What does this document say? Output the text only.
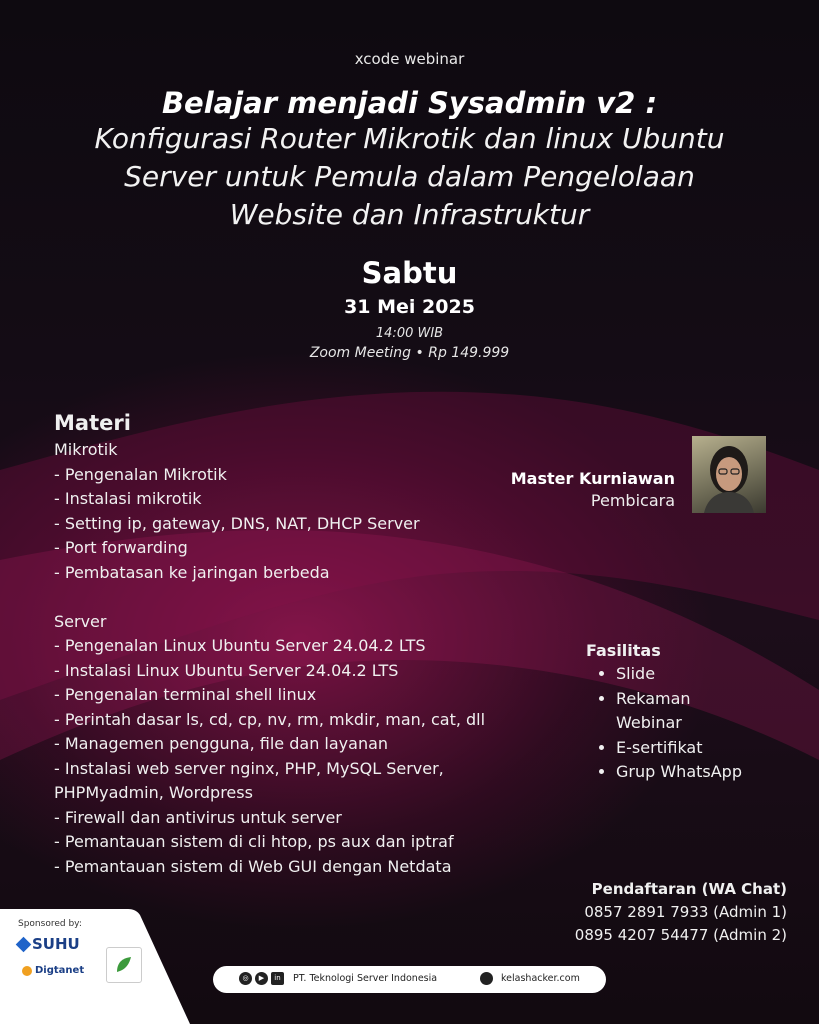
xcode webinar
Belajar menjadi Sysadmin v2 :
Konfigurasi Router Mikrotik dan linux Ubuntu
Server untuk Pemula dalam Pengelolaan
Website dan Infrastruktur
Sabtu
31 Mei 2025
14:00 WIB
Zoom Meeting • Rp 149.999
Materi
Mikrotik
- Pengenalan Mikrotik
- Instalasi mikrotik
- Setting ip, gateway, DNS, NAT, DHCP Server
- Port forwarding
- Pembatasan ke jaringan berbeda
Server
- Pengenalan Linux Ubuntu Server 24.04.2 LTS
- Instalasi Linux Ubuntu Server 24.04.2 LTS
- Pengenalan terminal shell linux
- Perintah dasar ls, cd, cp, nv, rm, mkdir, man, cat, dll
- Managemen pengguna, file dan layanan
- Instalasi web server nginx, PHP, MySQL Server,
PHPMyadmin, Wordpress
- Firewall dan antivirus untuk server
- Pemantauan sistem di cli htop, ps aux dan iptraf
- Pemantauan sistem di Web GUI dengan Netdata
Master Kurniawan
Pembicara
Fasilitas
• Slide
• Rekaman Webinar
• E-sertifikat
• Grup WhatsApp
Pendaftaran (WA Chat)
0857 2891 7933 (Admin 1)
0895 4207 54477 (Admin 2)
Sponsored by:
SUHU
Digtanet
◎	▶	in	PT. Teknologi Server Indonesia	kelashacker.com
